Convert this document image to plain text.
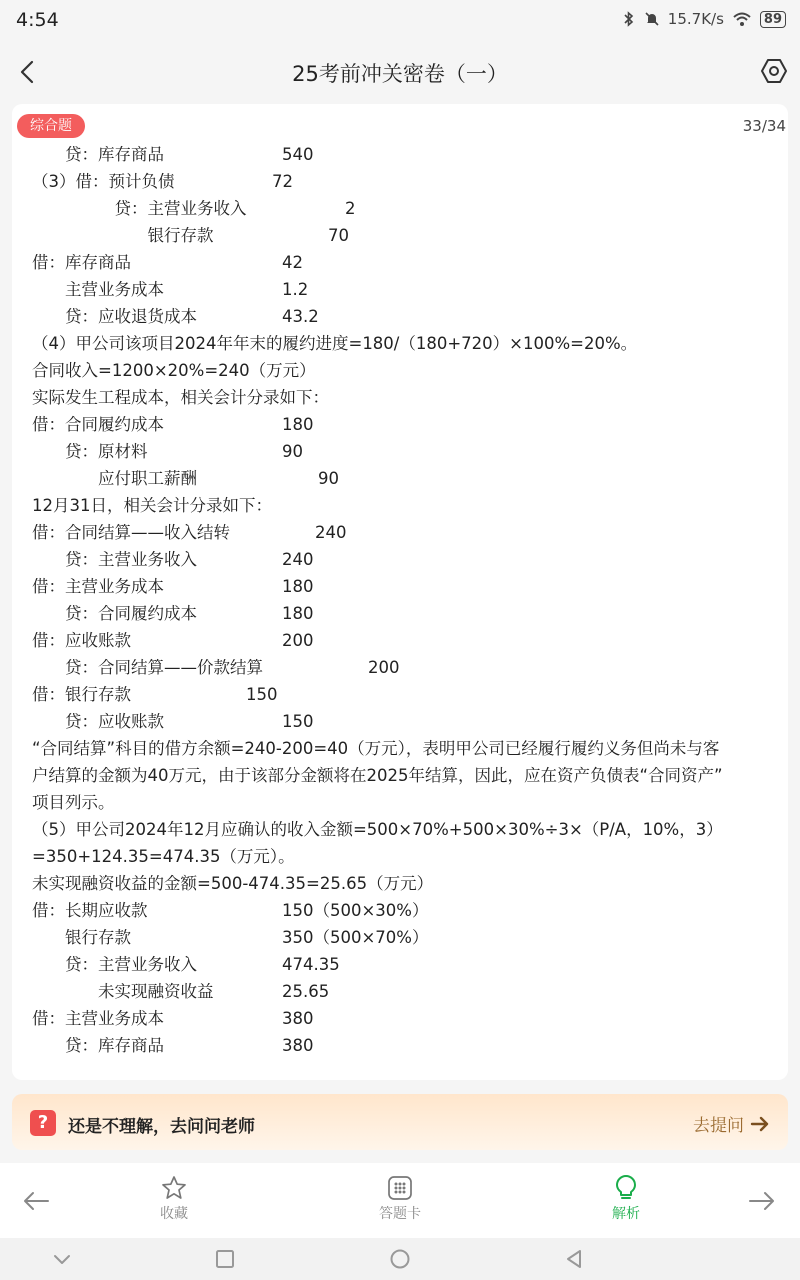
4:54	15.7K/s	89
25考前冲关密卷（一）
综合题	33/34
　　贷：库存商品	540
（3）借：预计负债	72
　　　　　贷：主营业务收入	2
　　　　　　　银行存款	70
借：库存商品	42
　　主营业务成本	1.2
　　贷：应收退货成本	43.2
（4）甲公司该项目2024年年末的履约进度=180/（180+720）×100%=20%。
合同收入=1200×20%=240（万元）
实际发生工程成本，相关会计分录如下：
借：合同履约成本	180
　　贷：原材料	90
　　　　应付职工薪酬	90
12月31日，相关会计分录如下：
借：合同结算——收入结转	240
　　贷：主营业务收入	240
借：主营业务成本	180
　　贷：合同履约成本	180
借：应收账款	200
　　贷：合同结算——价款结算	200
借：银行存款	150
　　贷：应收账款	150
“合同结算”科目的借方余额=240-200=40（万元），表明甲公司已经履行履约义务但尚未与客
户结算的金额为40万元，由于该部分金额将在2025年结算，因此，应在资产负债表“合同资产”
项目列示。
（5）甲公司2024年12月应确认的收入金额=500×70%+500×30%÷3×（P/A，10%，3）
=350+124.35=474.35（万元）。
未实现融资收益的金额=500-474.35=25.65（万元）
借：长期应收款	150（500×30%）
　　银行存款	350（500×70%）
　　贷：主营业务收入	474.35
　　　　未实现融资收益	25.65
借：主营业务成本	380
　　贷：库存商品	380
?	还是不理解，去问问老师	去提问
收藏	答题卡	解析
